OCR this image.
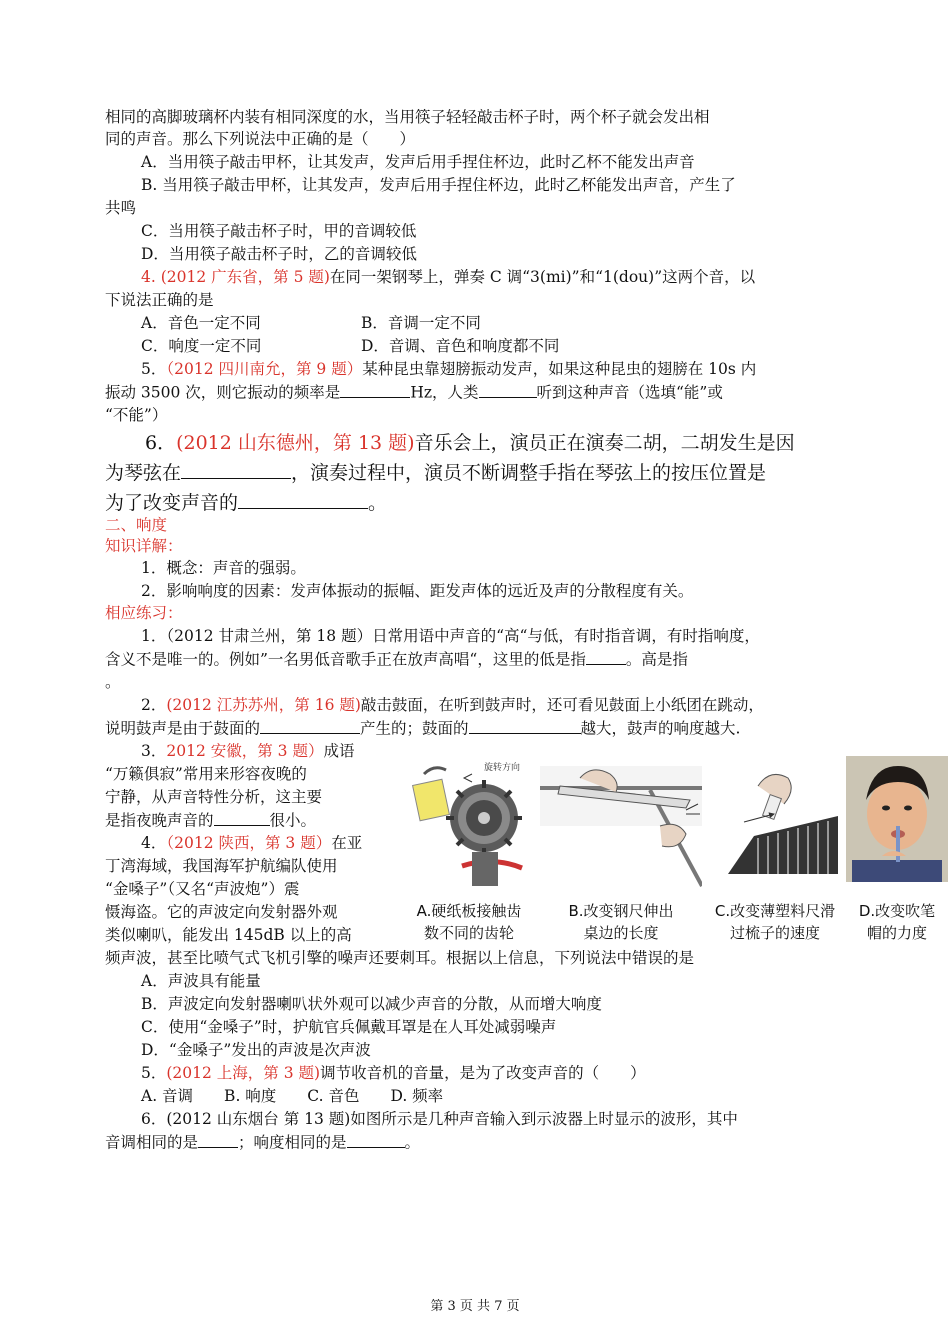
相同的高脚玻璃杯内装有相同深度的水，当用筷子轻轻敲击杯子时，两个杯子就会发出相
同的声音。那么下列说法中正确的是（　　）
A．当用筷子敲击甲杯，让其发声，发声后用手捏住杯边，此时乙杯不能发出声音
B. 当用筷子敲击甲杯，让其发声，发声后用手捏住杯边，此时乙杯能发出声音，产生了
共鸣
C．当用筷子敲击杯子时，甲的音调较低
D．当用筷子敲击杯子时，乙的音调较低
4. (2012 广东省，第 5 题)在同一架钢琴上，弹奏 C 调“3(mi)”和“1(dou)”这两个音，以
下说法正确的是
A．音色一定不同	B．音调一定不同
C．响度一定不同	D．音调、音色和响度都不同
5．（2012 四川南允，第 9 题）某种昆虫靠翅膀振动发声，如果这种昆虫的翅膀在 10s 内
振动 3500 次，则它振动的频率是	Hz，人类	听到这种声音（选填“能”或
“不能”）
6．(2012 山东德州，第 13 题)音乐会上，演员正在演奏二胡，二胡发生是因
为琴弦在	，演奏过程中，演员不断调整手指在琴弦上的按压位置是
为了改变声音的	。
二、响度
知识详解：
1．概念：声音的强弱。
2．影响响度的因素：发声体振动的振幅、距发声体的远近及声的分散程度有关。
相应练习：
1．（2012 甘肃兰州，第 18 题）日常用语中声音的“高“与低，有时指音调，有时指响度，
含义不是唯一的。例如”一名男低音歌手正在放声高唱“，这里的低是指	。高是指
。
2．(2012 江苏苏州，第 16 题)敲击鼓面，在听到鼓声时，还可看见鼓面上小纸团在跳动，
说明鼓声是由于鼓面的	产生的；鼓面的	越大，鼓声的响度越大.
3．2012 安徽，第 3 题）成语
“万籁俱寂”常用来形容夜晚的
宁静，从声音特性分析，这主要
是指夜晚声音的	很小。
4．（2012 陕西，第 3 题）在亚
丁湾海域，我国海军护航编队使用
“金嗓子”（又名“声波炮”）震
慑海盗。它的声波定向发射器外观
类似喇叭，能发出 145dB 以上的高
频声波，甚至比喷气式飞机引擎的噪声还要刺耳。根据以上信息，下列说法中错误的是
A．声波具有能量
B．声波定向发射器喇叭状外观可以减少声音的分散，从而增大响度
C．使用“金嗓子”时，护航官兵佩戴耳罩是在人耳处减弱噪声
D．“金嗓子”发出的声波是次声波
5．(2012 上海，第 3 题)调节收音机的音量，是为了改变声音的（　　）
A. 音调　　B. 响度　　C. 音色　　D. 频率
6．(2012 山东烟台 第 13 题)如图所示是几种声音输入到示波器上时显示的波形，其中
音调相同的是	；响度相同的是	。
旋转方向
A.硬纸板接触齿
数不同的齿轮
B.改变钢尺伸出
桌边的长度
C.改变薄塑料尺滑
过梳子的速度
D.改变吹笔
帽的力度
第 3 页 共 7 页
